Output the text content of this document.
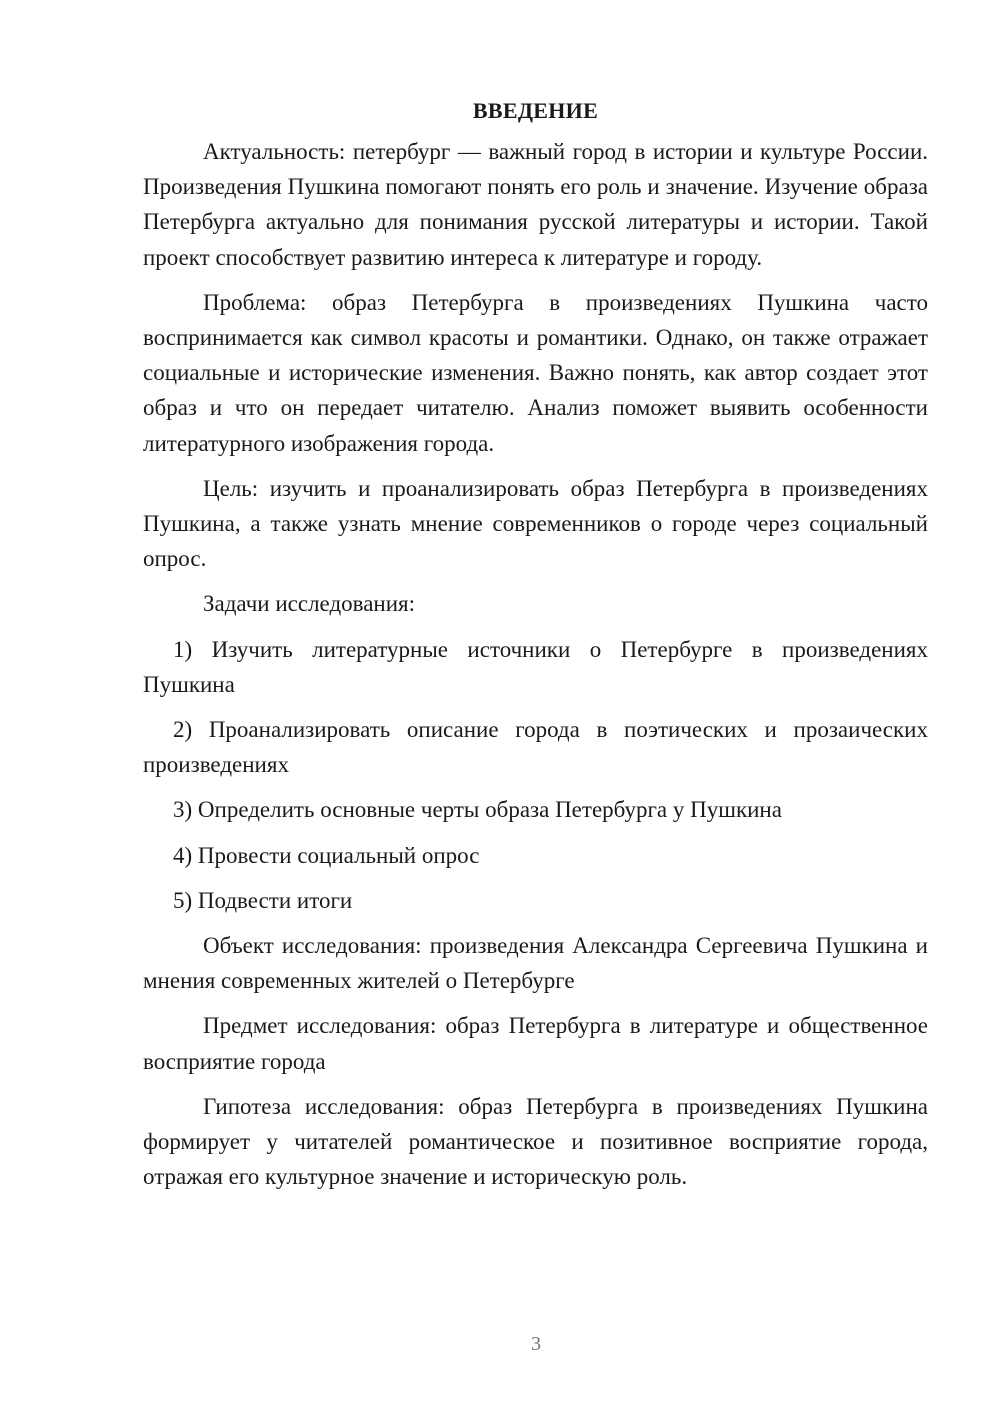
ВВЕДЕНИЕ

Актуальность: петербург — важный город в истории и культуре России. Произведения Пушкина помогают понять его роль и значение. Изучение образа Петербурга актуально для понимания русской литературы и истории. Такой проект способствует развитию интереса к литературе и городу.

Проблема: образ Петербурга в произведениях Пушкина часто воспринимается как символ красоты и романтики. Однако, он также отражает социальные и исторические изменения. Важно понять, как автор создает этот образ и что он передает читателю. Анализ поможет выявить особенности литературного изображения города.

Цель: изучить и проанализировать образ Петербурга в произведениях Пушкина, а также узнать мнение современников о городе через социальный опрос.

Задачи исследования:

1) Изучить литературные источники о Петербурге в произведениях Пушкина

2) Проанализировать описание города в поэтических и прозаических произведениях

3) Определить основные черты образа Петербурга у Пушкина

4) Провести социальный опрос

5) Подвести итоги

Объект исследования: произведения Александра Сергеевича Пушкина и мнения современных жителей о Петербурге

Предмет исследования: образ Петербурга в литературе и общественное восприятие города

Гипотеза исследования: образ Петербурга в произведениях Пушкина формирует у читателей романтическое и позитивное восприятие города, отражая его культурное значение и историческую роль.

3
